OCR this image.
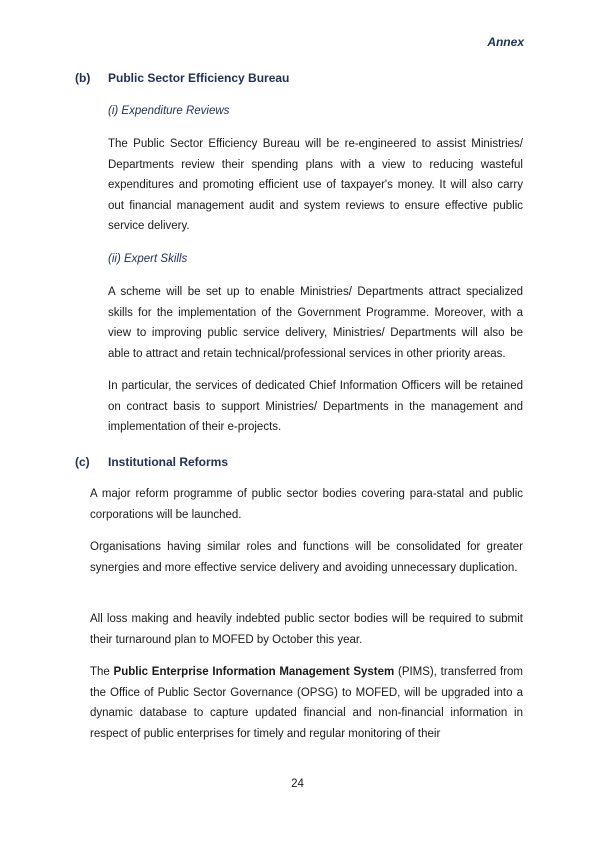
Annex
(b) Public Sector Efficiency Bureau
(i) Expenditure Reviews

The Public Sector Efficiency Bureau will be re-engineered to assist Ministries/ Departments review their spending plans with a view to reducing wasteful expenditures and promoting efficient use of taxpayer's money. It will also carry out financial management audit and system reviews to ensure effective public service delivery.

(ii) Expert Skills

A scheme will be set up to enable Ministries/ Departments attract specialized skills for the implementation of the Government Programme. Moreover, with a view to improving public service delivery, Ministries/ Departments will also be able to attract and retain technical/professional services in other priority areas.

In particular, the services of dedicated Chief Information Officers will be retained on contract basis to support Ministries/ Departments in the management and implementation of their e-projects.

(c) Institutional Reforms

A major reform programme of public sector bodies covering para-statal and public corporations will be launched.

Organisations having similar roles and functions will be consolidated for greater synergies and more effective service delivery and avoiding unnecessary duplication.

All loss making and heavily indebted public sector bodies will be required to submit their turnaround plan to MOFED by October this year.

The Public Enterprise Information Management System (PIMS), transferred from the Office of Public Sector Governance (OPSG) to MOFED, will be upgraded into a dynamic database to capture updated financial and non-financial information in respect of public enterprises for timely and regular monitoring of their

24
